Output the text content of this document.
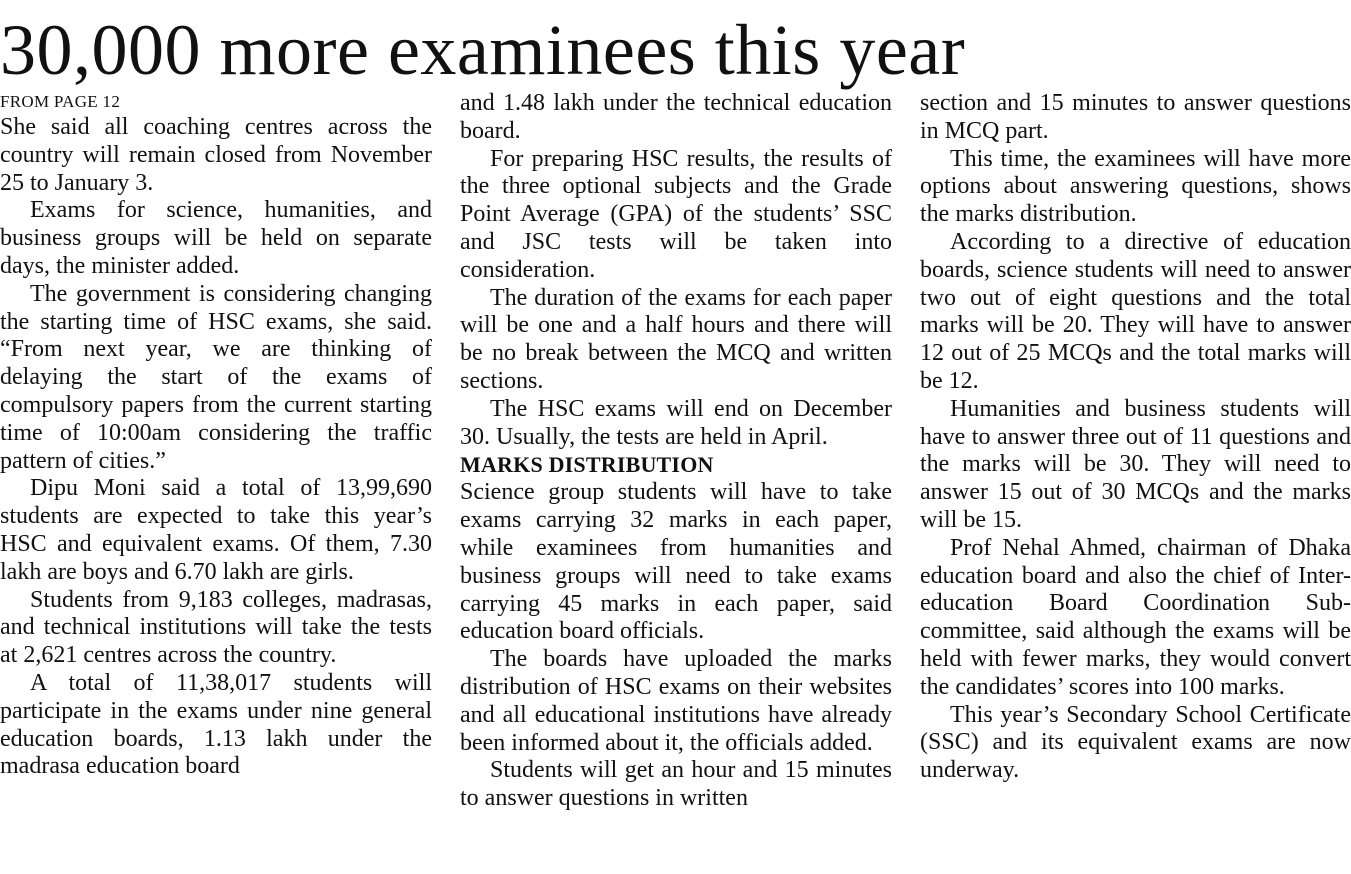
30,000 more examinees this year
FROM PAGE 12

She said all coaching centres across the country will remain closed from November 25 to January 3.

Exams for science, humanities, and business groups will be held on separate days, the minister added.

The government is considering changing the starting time of HSC exams, she said. “From next year, we are thinking of delaying the start of the exams of compulsory papers from the current starting time of 10:00am considering the traffic pattern of cities.”

Dipu Moni said a total of 13,99,690 students are expected to take this year’s HSC and equivalent exams. Of them, 7.30 lakh are boys and 6.70 lakh are girls.

Students from 9,183 colleges, madrasas, and technical institutions will take the tests at 2,621 centres across the country.

A total of 11,38,017 students will participate in the exams under nine general education boards, 1.13 lakh under the madrasa education board

and 1.48 lakh under the technical education board.

For preparing HSC results, the results of the three optional subjects and the Grade Point Average (GPA) of the students’ SSC and JSC tests will be taken into consideration.

The duration of the exams for each paper will be one and a half hours and there will be no break between the MCQ and written sections.

The HSC exams will end on December 30. Usually, the tests are held in April.

MARKS DISTRIBUTION

Science group students will have to take exams carrying 32 marks in each paper, while examinees from humanities and business groups will need to take exams carrying 45 marks in each paper, said education board officials.

The boards have uploaded the marks distribution of HSC exams on their websites and all educational institutions have already been informed about it, the officials added.

Students will get an hour and 15 minutes to answer questions in written

section and 15 minutes to answer questions in MCQ part.

This time, the examinees will have more options about answering questions, shows the marks distribution.

According to a directive of education boards, science students will need to answer two out of eight questions and the total marks will be 20. They will have to answer 12 out of 25 MCQs and the total marks will be 12.

Humanities and business students will have to answer three out of 11 questions and the marks will be 30. They will need to answer 15 out of 30 MCQs and the marks will be 15.

Prof Nehal Ahmed, chairman of Dhaka education board and also the chief of Inter-education Board Coordination Sub-committee, said although the exams will be held with fewer marks, they would convert the candidates’ scores into 100 marks.

This year’s Secondary School Certificate (SSC) and its equivalent exams are now underway.
